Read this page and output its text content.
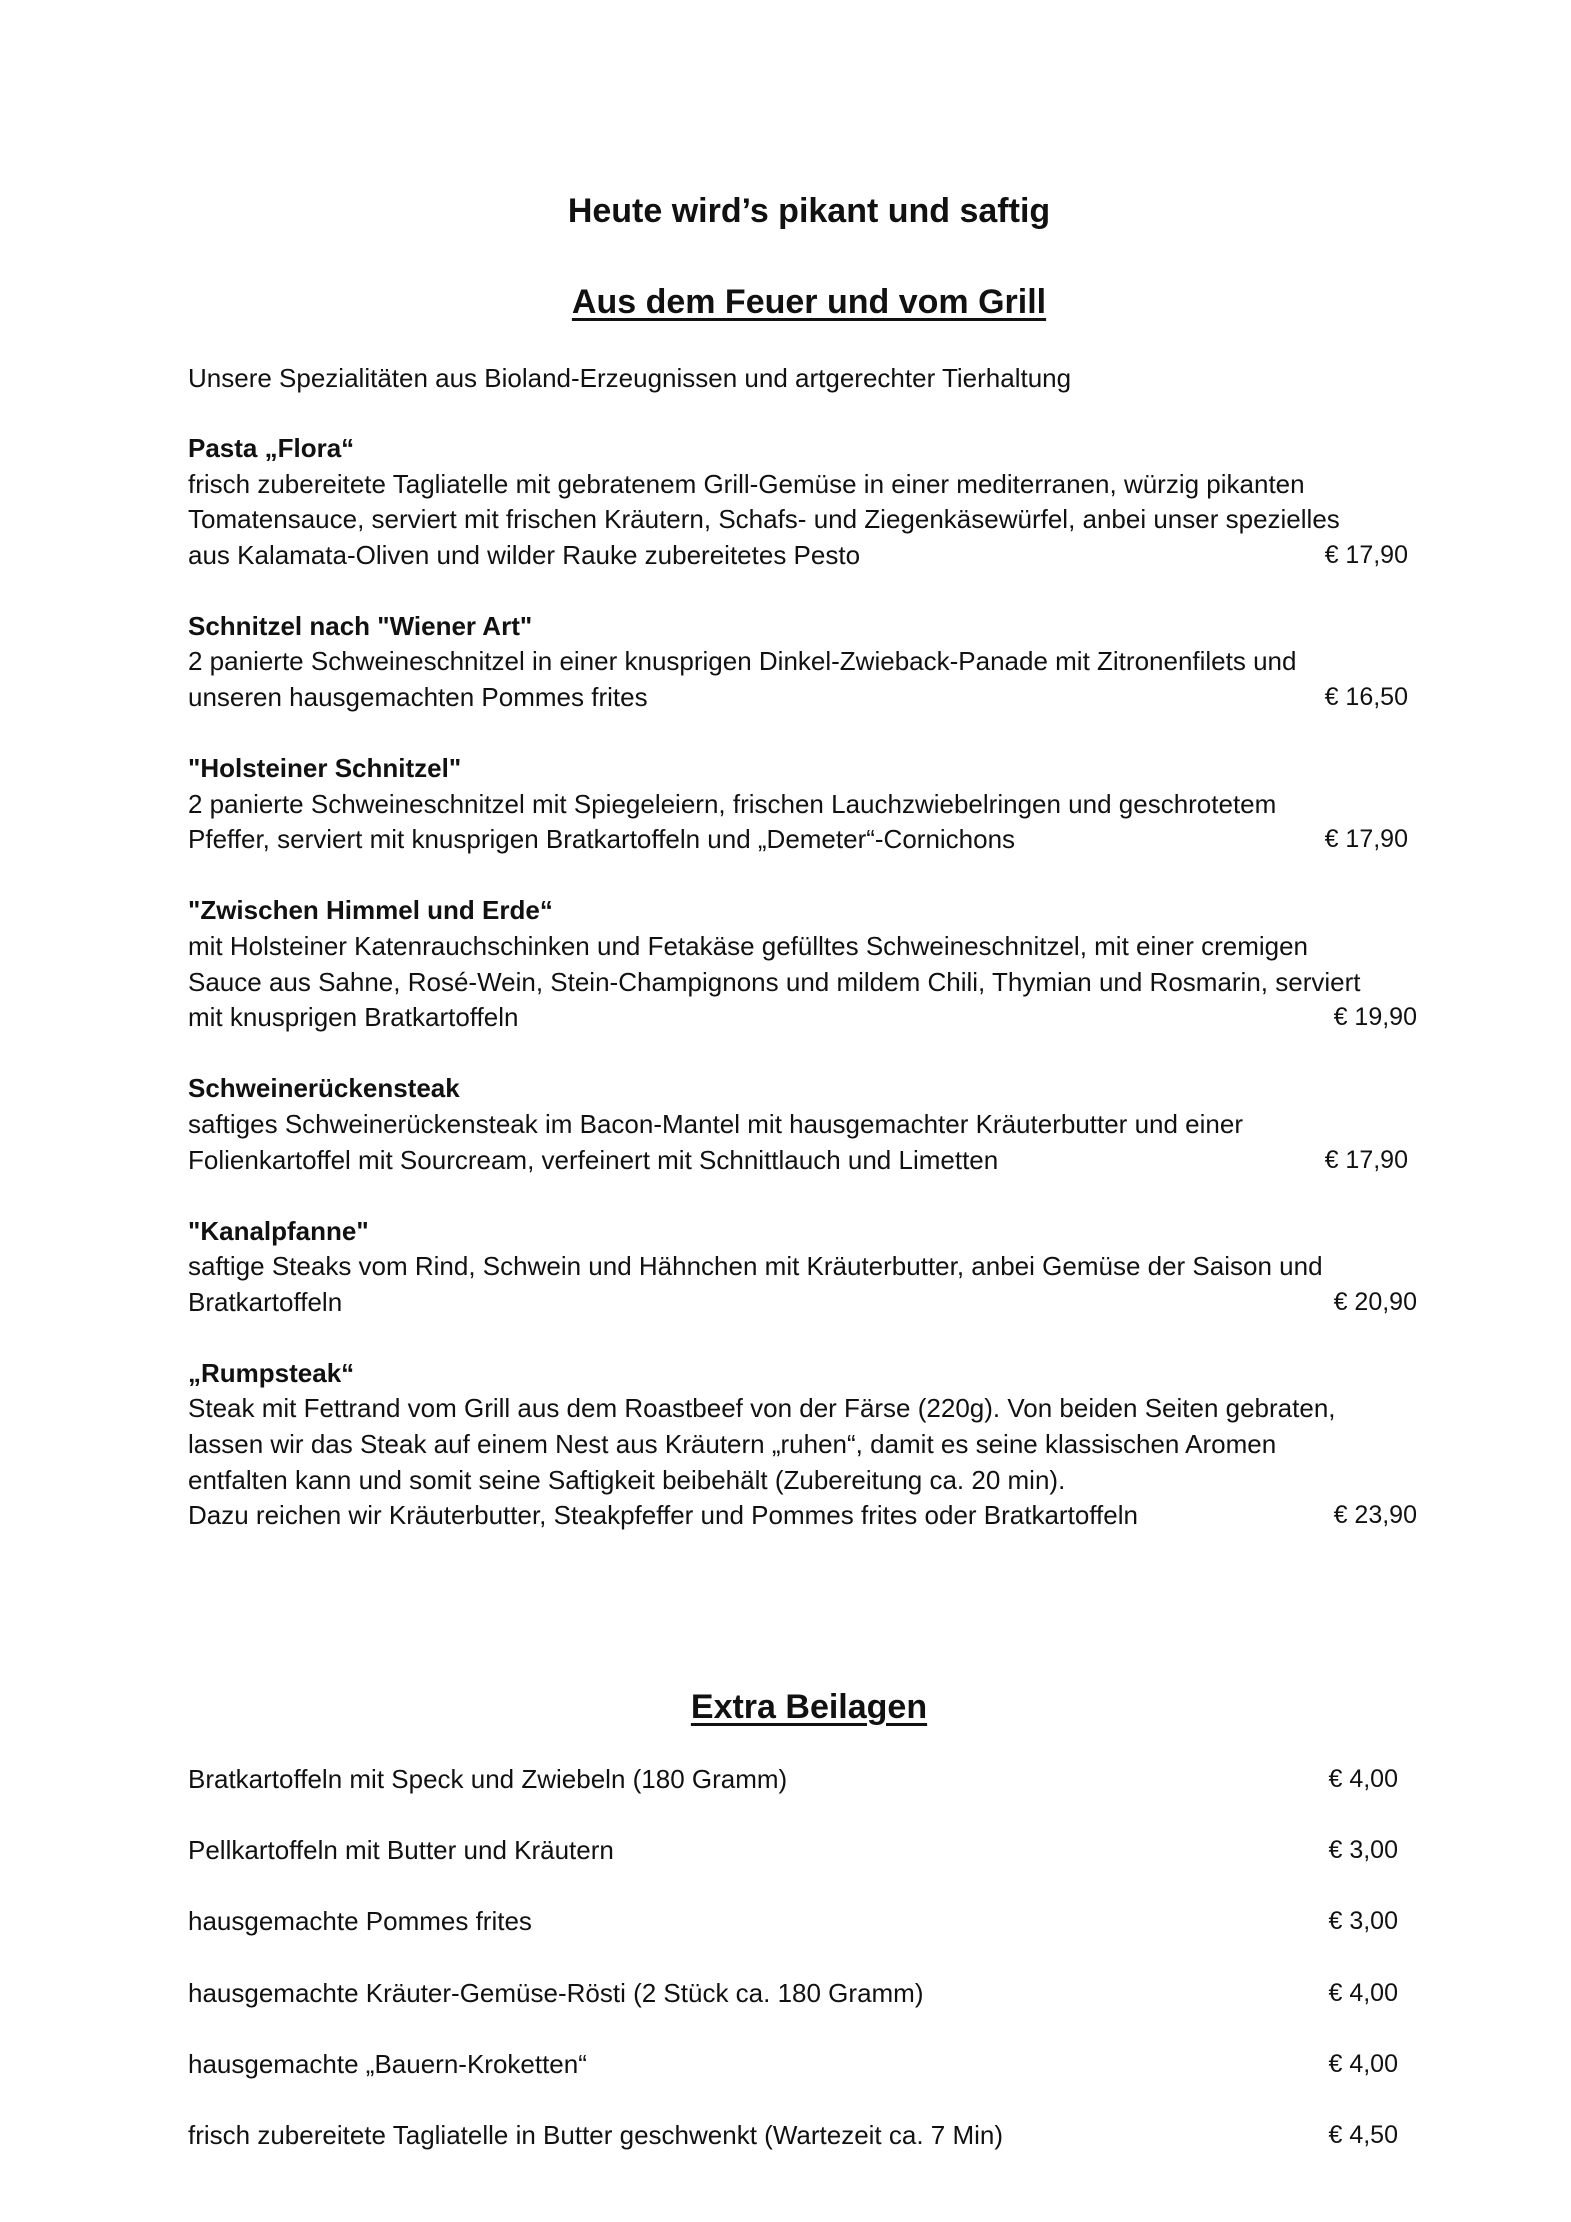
Heute wird’s pikant und saftig
Aus dem Feuer und vom Grill
Unsere Spezialitäten aus Bioland-Erzeugnissen und artgerechter Tierhaltung
Pasta „Flora“
frisch zubereitete Tagliatelle mit gebratenem Grill-Gemüse in einer mediterranen, würzig pikanten
Tomatensauce, serviert mit frischen Kräutern, Schafs- und Ziegenkäsewürfel, anbei unser spezielles
aus Kalamata-Oliven und wilder Rauke zubereitetes Pesto	€ 17,90
Schnitzel nach "Wiener Art"
2 panierte Schweineschnitzel in einer knusprigen Dinkel-Zwieback-Panade mit Zitronenfilets und
unseren hausgemachten Pommes frites	€ 16,50
"Holsteiner Schnitzel"
2 panierte Schweineschnitzel mit Spiegeleiern, frischen Lauchzwiebelringen und geschrotetem
Pfeffer, serviert mit knusprigen Bratkartoffeln und „Demeter“-Cornichons	€ 17,90
"Zwischen Himmel und Erde“
mit Holsteiner Katenrauchschinken und Fetakäse gefülltes Schweineschnitzel, mit einer cremigen
Sauce aus Sahne, Rosé-Wein, Stein-Champignons und mildem Chili, Thymian und Rosmarin, serviert
mit knusprigen Bratkartoffeln	€ 19,90
Schweinerückensteak
saftiges Schweinerückensteak im Bacon-Mantel mit hausgemachter Kräuterbutter und einer
Folienkartoffel mit Sourcream, verfeinert mit Schnittlauch und Limetten	€ 17,90
"Kanalpfanne"
saftige Steaks vom Rind, Schwein und Hähnchen mit Kräuterbutter, anbei Gemüse der Saison und
Bratkartoffeln	€ 20,90
„Rumpsteak“
Steak mit Fettrand vom Grill aus dem Roastbeef von der Färse (220g). Von beiden Seiten gebraten,
lassen wir das Steak auf einem Nest aus Kräutern „ruhen“, damit es seine klassischen Aromen
entfalten kann und somit seine Saftigkeit beibehält (Zubereitung ca. 20 min).
Dazu reichen wir Kräuterbutter, Steakpfeffer und Pommes frites oder Bratkartoffeln	€ 23,90
Extra Beilagen
Bratkartoffeln mit Speck und Zwiebeln (180 Gramm)	€ 4,00
Pellkartoffeln mit Butter und Kräutern	€ 3,00
hausgemachte Pommes frites	€ 3,00
hausgemachte Kräuter-Gemüse-Rösti (2 Stück ca. 180 Gramm)	€ 4,00
hausgemachte „Bauern-Kroketten“	€ 4,00
frisch zubereitete Tagliatelle in Butter geschwenkt (Wartezeit ca. 7 Min)	€ 4,50
